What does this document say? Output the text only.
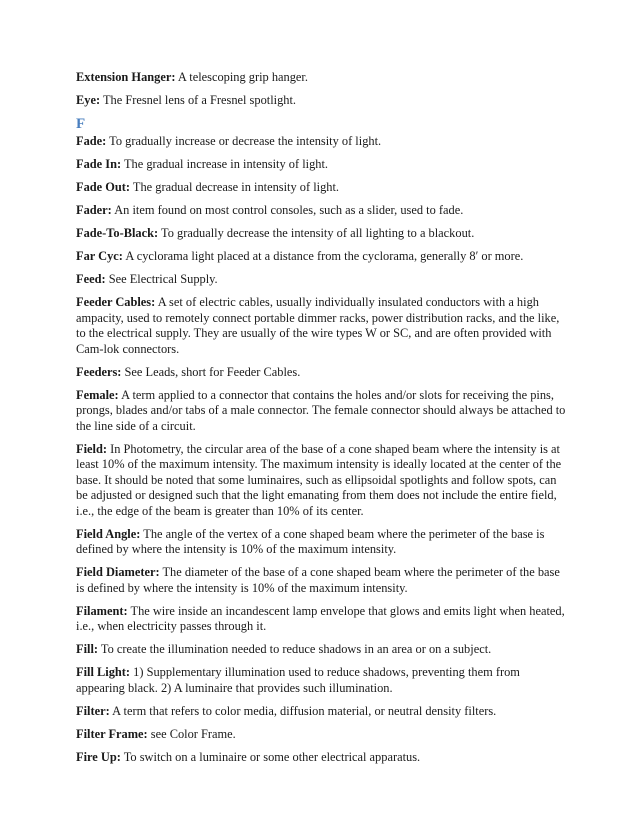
Extension Hanger: A telescoping grip hanger.

Eye: The Fresnel lens of a Fresnel spotlight.

F

Fade: To gradually increase or decrease the intensity of light.

Fade In: The gradual increase in intensity of light.

Fade Out: The gradual decrease in intensity of light.

Fader: An item found on most control consoles, such as a slider, used to fade.

Fade-To-Black: To gradually decrease the intensity of all lighting to a blackout.

Far Cyc: A cyclorama light placed at a distance from the cyclorama, generally 8′ or more.

Feed: See Electrical Supply.

Feeder Cables: A set of electric cables, usually individually insulated conductors with a high ampacity, used to remotely connect portable dimmer racks, power distribution racks, and the like, to the electrical supply. They are usually of the wire types W or SC, and are often provided with Cam-lok connectors.

Feeders: See Leads, short for Feeder Cables.

Female: A term applied to a connector that contains the holes and/or slots for receiving the pins, prongs, blades and/or tabs of a male connector. The female connector should always be attached to the line side of a circuit.

Field: In Photometry, the circular area of the base of a cone shaped beam where the intensity is at least 10% of the maximum intensity. The maximum intensity is ideally located at the center of the base. It should be noted that some luminaires, such as ellipsoidal spotlights and follow spots, can be adjusted or designed such that the light emanating from them does not include the entire field, i.e., the edge of the beam is greater than 10% of its center.

Field Angle: The angle of the vertex of a cone shaped beam where the perimeter of the base is defined by where the intensity is 10% of the maximum intensity.

Field Diameter: The diameter of the base of a cone shaped beam where the perimeter of the base is defined by where the intensity is 10% of the maximum intensity.

Filament: The wire inside an incandescent lamp envelope that glows and emits light when heated, i.e., when electricity passes through it.

Fill: To create the illumination needed to reduce shadows in an area or on a subject.

Fill Light: 1) Supplementary illumination used to reduce shadows, preventing them from appearing black. 2) A luminaire that provides such illumination.

Filter: A term that refers to color media, diffusion material, or neutral density filters.

Filter Frame: see Color Frame.

Fire Up: To switch on a luminaire or some other electrical apparatus.
